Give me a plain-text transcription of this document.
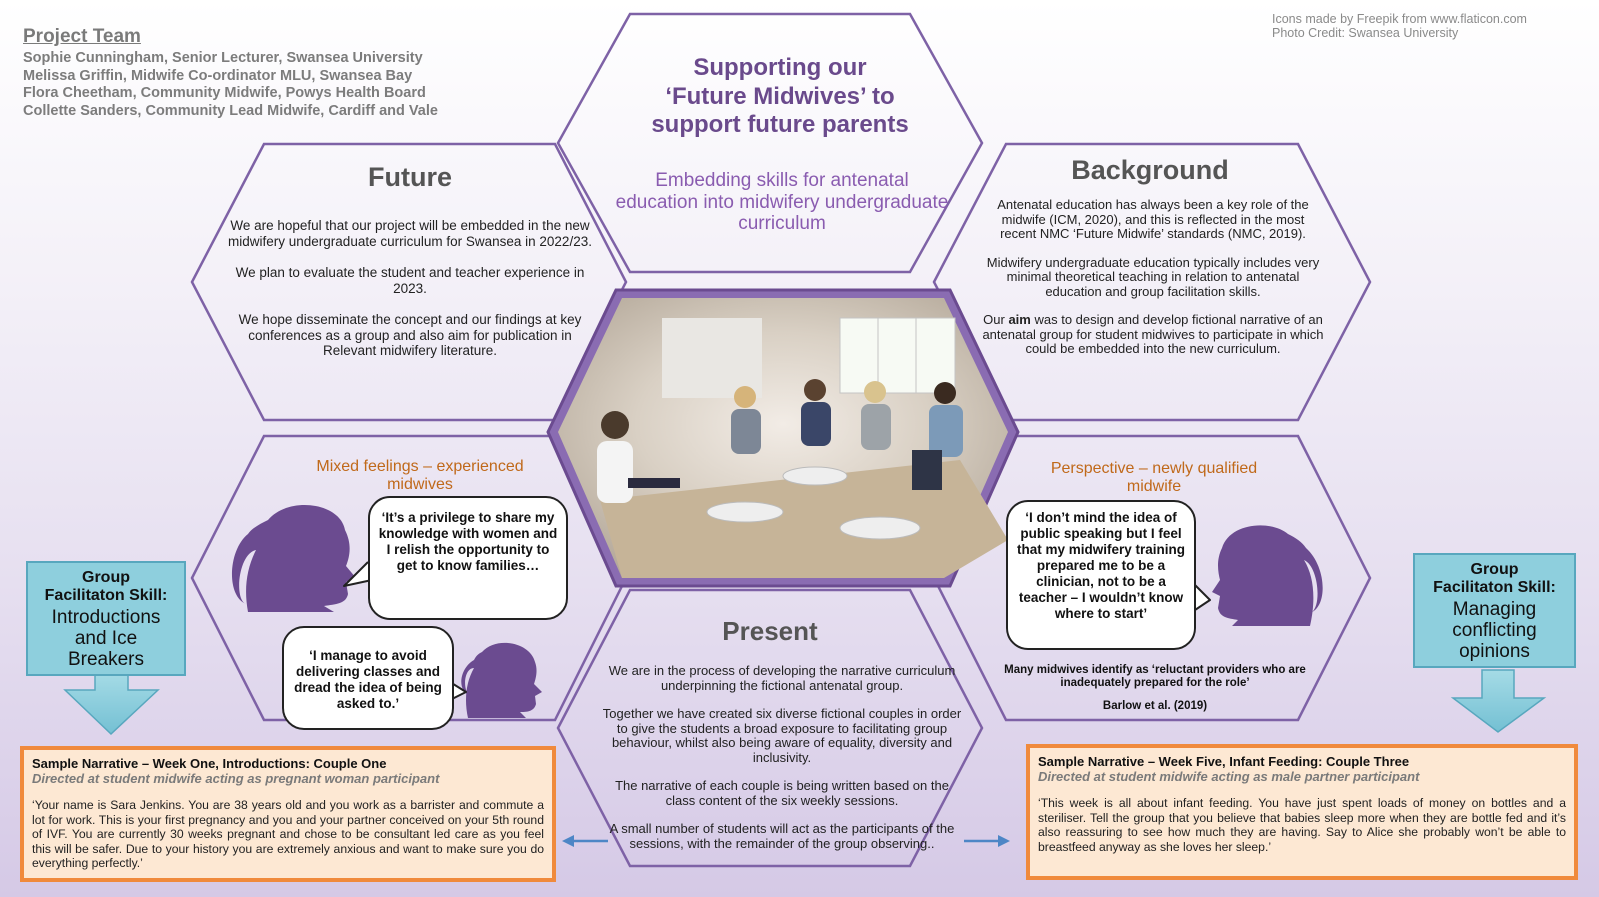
Project Team
Sophie Cunningham, Senior Lecturer, Swansea University
Melissa Griffin, Midwife Co-ordinator MLU, Swansea Bay
Flora Cheetham, Community Midwife, Powys Health Board
Collette Sanders, Community Lead Midwife, Cardiff and Vale
Icons made by Freepik from www.flaticon.com
Photo Credit: Swansea University
Supporting our
‘Future Midwives’ to
support future parents
Embedding skills for antenatal education into midwifery undergraduate curriculum
Future

We are hopeful that our project will be embedded in the new midwifery undergraduate curriculum for Swansea in 2022/23.

We plan to evaluate the student and teacher experience in 2023.

We hope disseminate the concept and our findings at key conferences as a group and also aim for publication in Relevant midwifery literature.

Background

Antenatal education has always been a key role of the midwife (ICM, 2020), and this is reflected in the most recent NMC ‘Future Midwife’ standards (NMC, 2019).

Midwifery undergraduate education typically includes very minimal theoretical teaching in relation to antenatal education and group facilitation skills.

Our aim was to design and develop fictional narrative of an antenatal group for student midwives to participate in which could be embedded into the new curriculum.

Mixed feelings – experienced midwives
‘It’s a privilege to share my knowledge with women and I relish the opportunity to get to know families…
‘I manage to avoid delivering classes and dread the idea of being asked to.’
Perspective – newly qualified midwife
‘I don’t mind the idea of public speaking but I feel that my midwifery training prepared me to be a clinician, not to be a teacher – I wouldn’t know where to start’
Many midwives identify as ‘reluctant providers who are inadequately prepared for the role’
Barlow et al. (2019)
Present

We are in the process of developing the narrative curriculum underpinning the fictional antenatal group.

Together we have created six diverse fictional couples in order to give the students a broad exposure to facilitating group behaviour, whilst also being aware of equality, diversity and inclusivity.

The narrative of each couple is being written based on the class content of the six weekly sessions.

A small number of students will act as the participants of the sessions, with the remainder of the group observing..

Group
Facilitaton Skill:
Introductions and Ice Breakers
Group
Facilitaton Skill:
Managing conflicting opinions
Sample Narrative – Week One, Introductions: Couple One
Directed at student midwife acting as pregnant woman participant
‘Your name is Sara Jenkins. You are 38 years old and you work as a barrister and commute a lot for work. This is your first pregnancy and you and your partner conceived on your 5th round of IVF. You are currently 30 weeks pregnant and chose to be consultant led care as you feel this will be safer. Due to your history you are extremely anxious and want to make sure you do everything perfectly.’
Sample Narrative – Week Five, Infant Feeding: Couple Three
Directed at student midwife acting as male partner participant
‘This week is all about infant feeding. You have just spent loads of money on bottles and a steriliser. Tell the group that you believe that babies sleep more when they are bottle fed and it’s also reassuring to see how much they are having. Say to Alice she probably won’t be able to breastfeed anyway as she loves her sleep.’
